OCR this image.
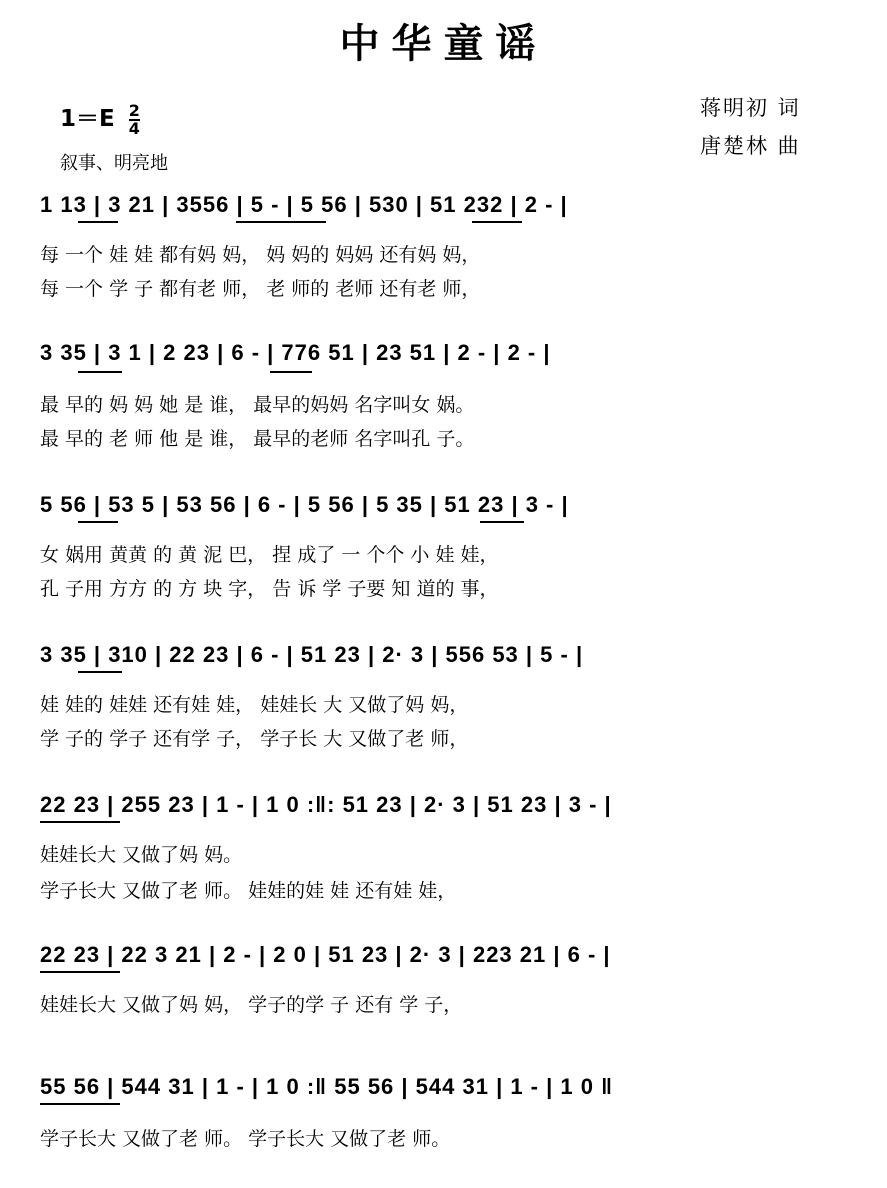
中华童谣
$1=E \frac{2}{4}$
叙事、明亮地
蒋明初 词
唐楚林 曲
1 13 | 3 21 | 3556 | 5 - | 5 56 | 530 | 51 232 | 2 - |
每 一个 娃 娃 都有妈 妈， 妈 妈的 妈妈 还有妈 妈，
每 一个 学 子 都有老 师， 老 师的 老师 还有老 师，
3 35 | 3 1 | 2 23 | 6 - | 776 51 | 23 51 | 2 - | 2 - |
最 早的 妈 妈 她 是 谁， 最早的妈妈 名字叫女 娲。
最 早的 老 师 他 是 谁， 最早的老师 名字叫孔 子。
5 56 | 53 5 | 53 56 | 6 - | 5 56 | 5 35 | 51 23 | 3 - |
女 娲用 黄黄 的 黄 泥 巴， 捏 成了 一 个个 小 娃 娃，
孔 子用 方方 的 方 块 字， 告 诉 学 子要 知 道的 事，
3 35 | 310 | 22 23 | 6 - | 51 23 | 2· 3 | 556 53 | 5 - |
娃 娃的 娃娃 还有娃 娃， 娃娃长 大 又做了妈 妈，
学 子的 学子 还有学 子， 学子长 大 又做了老 师，
22 23 | 255 23 | 1 - | 1 0 :‖: 51 23 | 2· 3 | 51 23 | 3 - |
娃娃长大 又做了妈 妈。
学子长大 又做了老 师。 娃娃的娃 娃 还有娃 娃，
22 23 | 22 3 21 | 2 - | 2 0 | 51 23 | 2· 3 | 223 21 | 6 - |
娃娃长大 又做了妈 妈， 学子的学 子 还有 学 子，
55 56 | 544 31 | 1 - | 1 0 :‖ 55 56 | 544 31 | 1 - | 1 0 ‖
学子长大 又做了老 师。 学子长大 又做了老 师。
